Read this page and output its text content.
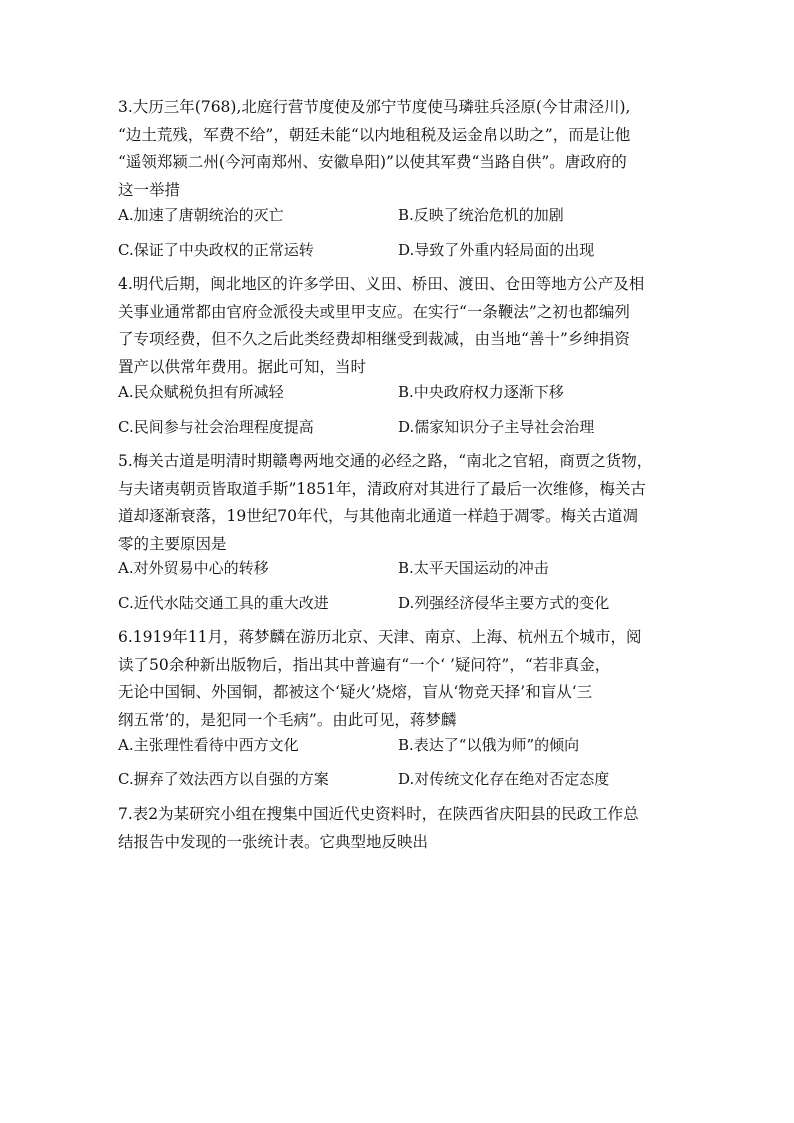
3.大历三年(768),北庭行营节度使及邠宁节度使马璘驻兵泾原(今甘肃泾川),
“边土荒残，军费不给”，朝廷未能“以内地租税及运金帛以助之”，而是让他
“遥领郑颍二州(今河南郑州、安徽阜阳)”以使其军费“当路自供”。唐政府的
这一举措
A.加速了唐朝统治的灭亡	B.反映了统治危机的加剧
C.保证了中央政权的正常运转	D.导致了外重内轻局面的出现
4.明代后期，闽北地区的许多学田、义田、桥田、渡田、仓田等地方公产及相
关事业通常都由官府佥派役夫或里甲支应。在实行“一条鞭法”之初也都编列
了专项经费，但不久之后此类经费却相继受到裁减，由当地“善十”乡绅捐资
置产以供常年费用。据此可知，当时
A.民众赋税负担有所减轻	B.中央政府权力逐渐下移
C.民间参与社会治理程度提高	D.儒家知识分子主导社会治理
5.梅关古道是明清时期赣粤两地交通的必经之路，“南北之官轺，商贾之货物，
与夫诸夷朝贡皆取道手斯”1851年，清政府对其进行了最后一次维修，梅关古
道却逐渐衰落，19世纪70年代，与其他南北通道一样趋于凋零。梅关古道凋
零的主要原因是
A.对外贸易中心的转移	B.太平天国运动的冲击
C.近代水陆交通工具的重大改进	D.列强经济侵华主要方式的变化
6.1919年11月，蒋梦麟在游历北京、天津、南京、上海、杭州五个城市，阅
读了50余种新出版物后，指出其中普遍有“一个‘ ’疑问符”，“若非真金，
无论中国铜、外国铜，都被这个‘疑火’烧熔，盲从‘物竞天择’和盲从‘三
纲五常’的，是犯同一个毛病”。由此可见，蒋梦麟
A.主张理性看待中西方文化	B.表达了“以俄为师”的倾向
C.摒弃了效法西方以自强的方案	D.对传统文化存在绝对否定态度
7.表2为某研究小组在搜集中国近代史资料时，在陕西省庆阳县的民政工作总
结报告中发现的一张统计表。它典型地反映出
